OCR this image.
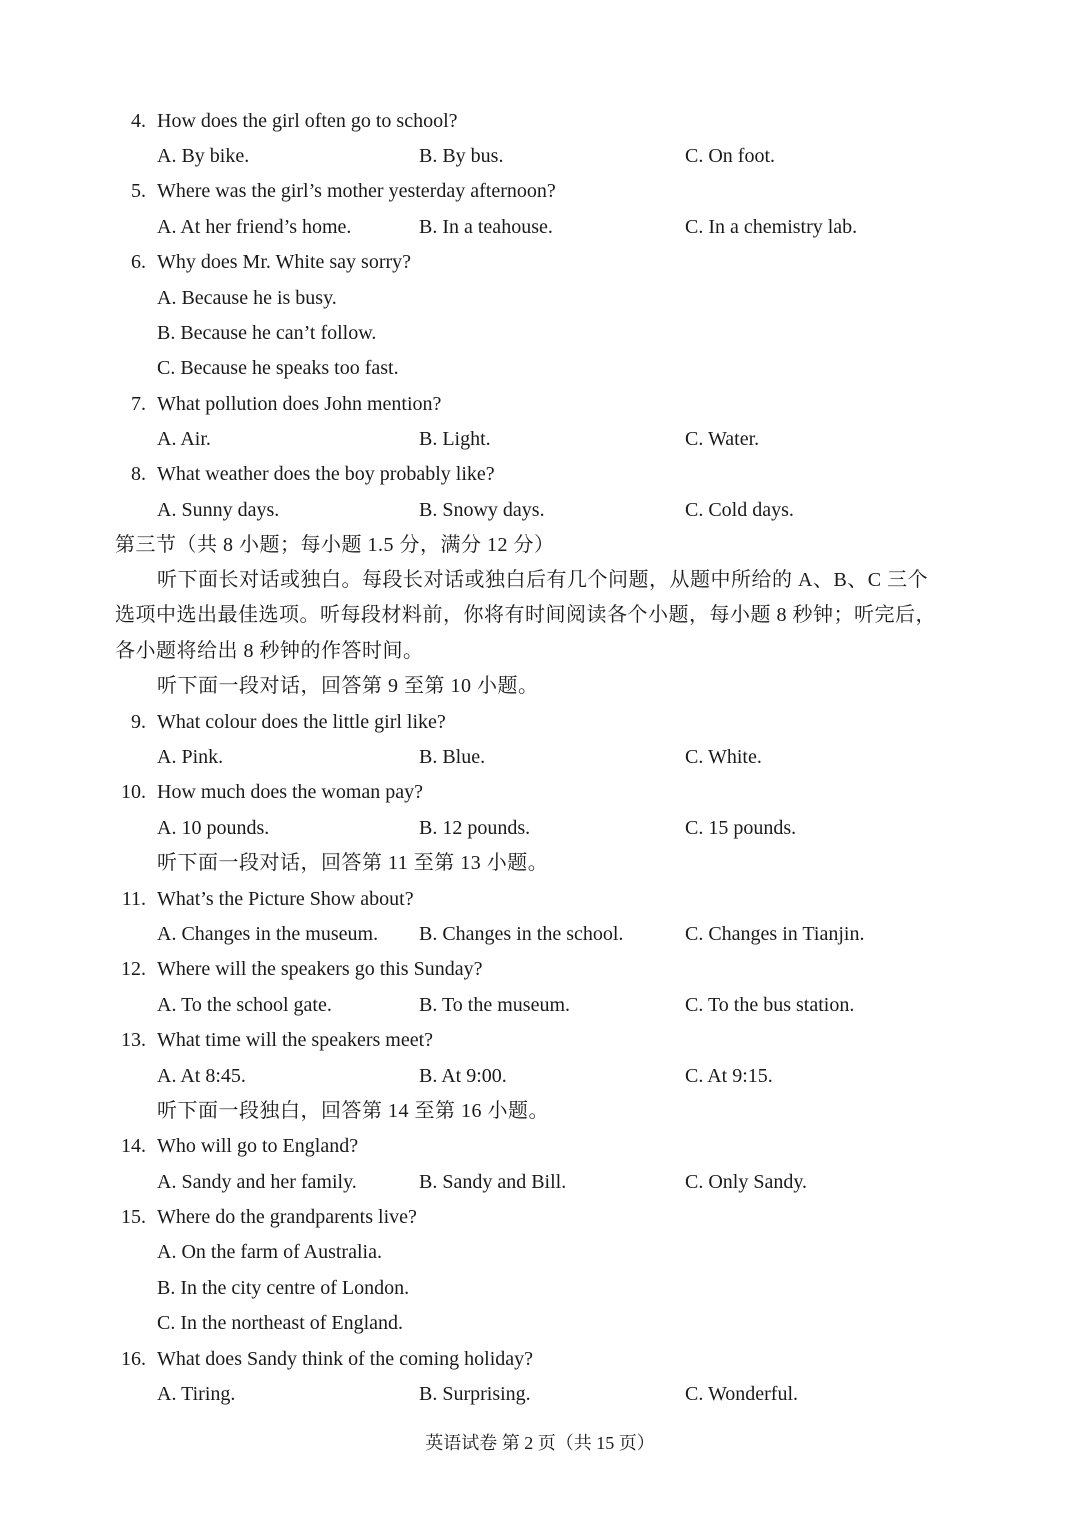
4. How does the girl often go to school?
A. By bike.	B. By bus.	C. On foot.
5. Where was the girl’s mother yesterday afternoon?
A. At her friend’s home.	B. In a teahouse.	C. In a chemistry lab.
6. Why does Mr. White say sorry?
A. Because he is busy.
B. Because he can’t follow.
C. Because he speaks too fast.
7. What pollution does John mention?
A. Air.	B. Light.	C. Water.
8. What weather does the boy probably like?
A. Sunny days.	B. Snowy days.	C. Cold days.
第三节（共 8 小题；每小题 1.5 分，满分 12 分）
听下面长对话或独白。每段长对话或独白后有几个问题，从题中所给的 A、B、C 三个
选项中选出最佳选项。听每段材料前，你将有时间阅读各个小题，每小题 8 秒钟；听完后，
各小题将给出 8 秒钟的作答时间。
听下面一段对话，回答第 9 至第 10 小题。
9. What colour does the little girl like?
A. Pink.	B. Blue.	C. White.
10. How much does the woman pay?
A. 10 pounds.	B. 12 pounds.	C. 15 pounds.
听下面一段对话，回答第 11 至第 13 小题。
11. What’s the Picture Show about?
A. Changes in the museum. B. Changes in the school.	C. Changes in Tianjin.
12. Where will the speakers go this Sunday?
A. To the school gate.	B. To the museum.	C. To the bus station.
13. What time will the speakers meet?
A. At 8:45.	B. At 9:00.	C. At 9:15.
听下面一段独白，回答第 14 至第 16 小题。
14. Who will go to England?
A. Sandy and her family.	B. Sandy and Bill.	C. Only Sandy.
15. Where do the grandparents live?
A. On the farm of Australia.
B. In the city centre of London.
C. In the northeast of England.
16. What does Sandy think of the coming holiday?
A. Tiring.	B. Surprising.	C. Wonderful.
英语试卷 第 2 页（共 15 页）
